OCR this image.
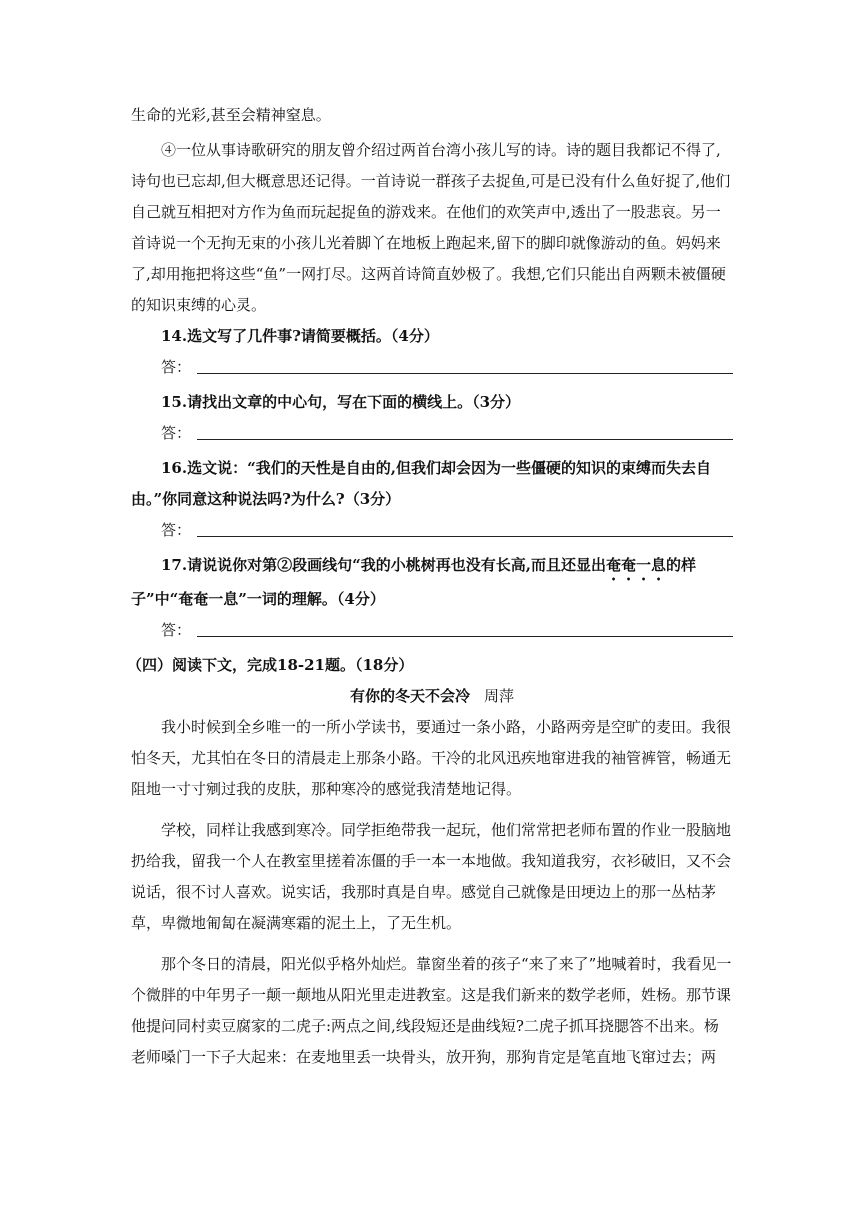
生命的光彩,甚至会精神窒息。

④一位从事诗歌研究的朋友曾介绍过两首台湾小孩儿写的诗。诗的题目我都记不得了,诗句也已忘却,但大概意思还记得。一首诗说一群孩子去捉鱼,可是已没有什么鱼好捉了,他们自己就互相把对方作为鱼而玩起捉鱼的游戏来。在他们的欢笑声中,透出了一股悲哀。另一首诗说一个无拘无束的小孩儿光着脚丫在地板上跑起来,留下的脚印就像游动的鱼。妈妈来了,却用拖把将这些“鱼”一网打尽。这两首诗简直妙极了。我想,它们只能出自两颗未被僵硬的知识束缚的心灵。

14.选文写了几件事?请简要概括。（4分）

答：

15.请找出文章的中心句，写在下面的横线上。（3分）

答：

16.选文说：“我们的天性是自由的,但我们却会因为一些僵硬的知识的束缚而失去自由。”你同意这种说法吗?为什么?（3分）

答：

17.请说说你对第②段画线句“我的小桃树再也没有长高,而且还显出奄奄一息的样子”中“奄奄一息”一词的理解。（4分）

答：

（四）阅读下文，完成18-21题。（18分）

有你的冬天不会冷 周萍

我小时候到全乡唯一的一所小学读书，要通过一条小路，小路两旁是空旷的麦田。我很怕冬天，尤其怕在冬日的清晨走上那条小路。干冷的北风迅疾地窜进我的袖管裤管，畅通无阻地一寸寸剜过我的皮肤，那种寒冷的感觉我清楚地记得。

学校，同样让我感到寒冷。同学拒绝带我一起玩，他们常常把老师布置的作业一股脑地扔给我，留我一个人在教室里搓着冻僵的手一本一本地做。我知道我穷，衣衫破旧，又不会说话，很不讨人喜欢。说实话，我那时真是自卑。感觉自己就像是田埂边上的那一丛枯茅草，卑微地匍匐在凝满寒霜的泥土上，了无生机。

那个冬日的清晨，阳光似乎格外灿烂。靠窗坐着的孩子“来了来了”地喊着时，我看见一个微胖的中年男子一颠一颠地从阳光里走进教室。这是我们新来的数学老师，姓杨。那节课他提问同村卖豆腐家的二虎子:两点之间,线段短还是曲线短?二虎子抓耳挠腮答不出来。杨老师嗓门一下子大起来：在麦地里丢一块骨头，放开狗，那狗肯定是笔直地飞窜过去；两
